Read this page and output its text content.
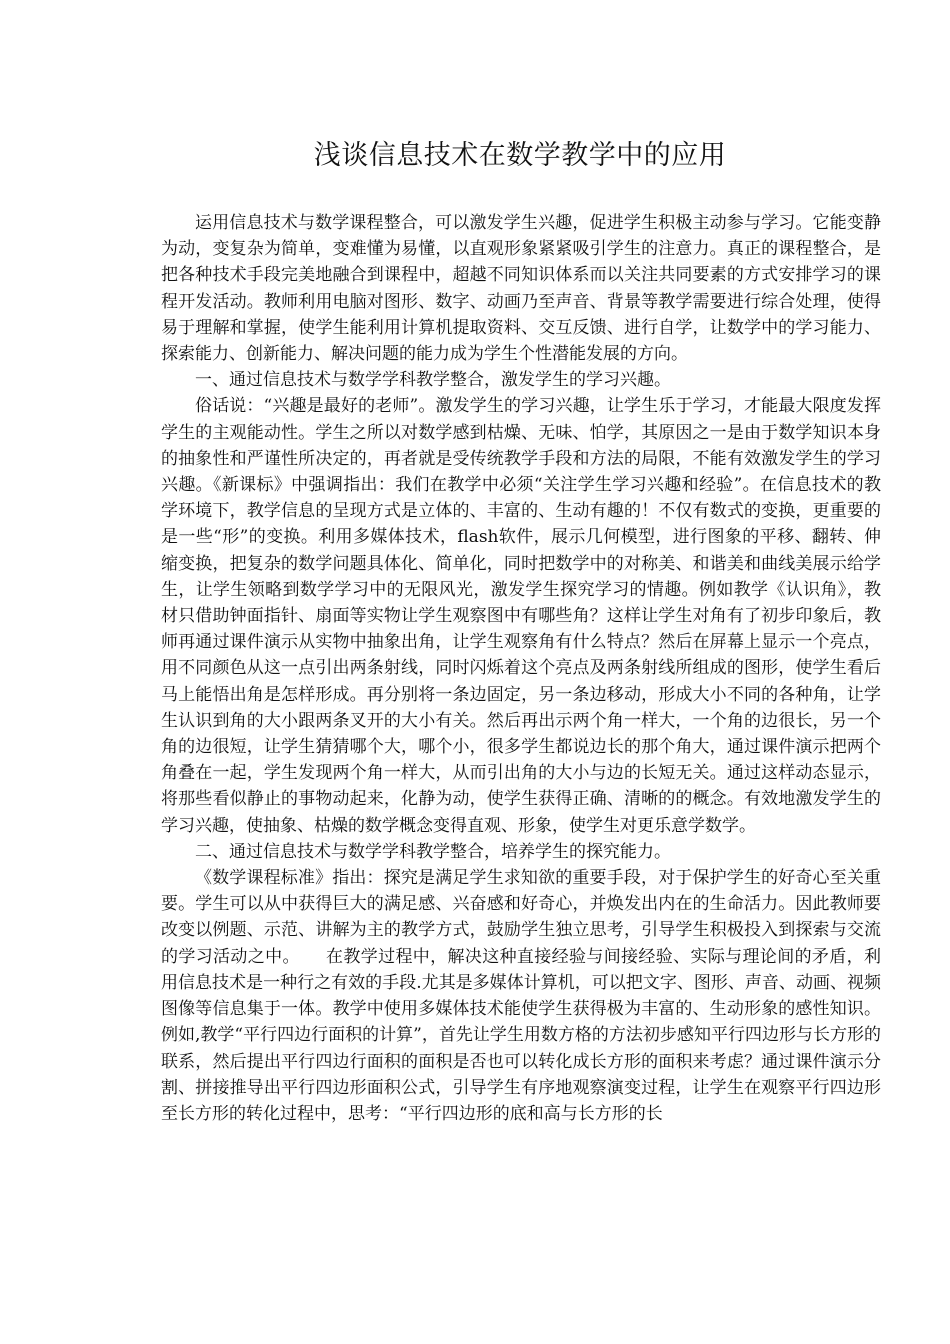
浅谈信息技术在数学教学中的应用

运用信息技术与数学课程整合，可以激发学生兴趣，促进学生积极主动参与学习。它能变静为动，变复杂为简单，变难懂为易懂，以直观形象紧紧吸引学生的注意力。真正的课程整合，是把各种技术手段完美地融合到课程中，超越不同知识体系而以关注共同要素的方式安排学习的课程开发活动。教师利用电脑对图形、数字、动画乃至声音、背景等教学需要进行综合处理，使得易于理解和掌握，使学生能利用计算机提取资料、交互反馈、进行自学，让数学中的学习能力、探索能力、创新能力、解决问题的能力成为学生个性潜能发展的方向。

一、通过信息技术与数学学科教学整合，激发学生的学习兴趣。

俗话说：“兴趣是最好的老师”。激发学生的学习兴趣，让学生乐于学习，才能最大限度发挥学生的主观能动性。学生之所以对数学感到枯燥、无味、怕学，其原因之一是由于数学知识本身的抽象性和严谨性所决定的，再者就是受传统教学手段和方法的局限，不能有效激发学生的学习兴趣。《新课标》中强调指出：我们在教学中必须“关注学生学习兴趣和经验”。在信息技术的教学环境下，教学信息的呈现方式是立体的、丰富的、生动有趣的！不仅有数式的变换，更重要的是一些“形”的变换。利用多媒体技术，flash软件，展示几何模型，进行图象的平移、翻转、伸缩变换，把复杂的数学问题具体化、简单化，同时把数学中的对称美、和谐美和曲线美展示给学生，让学生领略到数学学习中的无限风光，激发学生探究学习的情趣。例如教学《认识角》，教材只借助钟面指针、扇面等实物让学生观察图中有哪些角？这样让学生对角有了初步印象后，教师再通过课件演示从实物中抽象出角，让学生观察角有什么特点？然后在屏幕上显示一个亮点，用不同颜色从这一点引出两条射线，同时闪烁着这个亮点及两条射线所组成的图形，使学生看后马上能悟出角是怎样形成。再分别将一条边固定，另一条边移动，形成大小不同的各种角，让学生认识到角的大小跟两条叉开的大小有关。然后再出示两个角一样大，一个角的边很长，另一个角的边很短，让学生猜猜哪个大，哪个小，很多学生都说边长的那个角大，通过课件演示把两个角叠在一起，学生发现两个角一样大，从而引出角的大小与边的长短无关。通过这样动态显示，将那些看似静止的事物动起来，化静为动，使学生获得正确、清晰的的概念。有效地激发学生的学习兴趣，使抽象、枯燥的数学概念变得直观、形象，使学生对更乐意学数学。

二、通过信息技术与数学学科教学整合，培养学生的探究能力。

《数学课程标准》指出：探究是满足学生求知欲的重要手段，对于保护学生的好奇心至关重要。学生可以从中获得巨大的满足感、兴奋感和好奇心，并焕发出内在的生命活力。因此教师要改变以例题、示范、讲解为主的教学方式，鼓励学生独立思考，引导学生积极投入到探索与交流的学习活动之中。　　在教学过程中，解决这种直接经验与间接经验、实际与理论间的矛盾，利用信息技术是一种行之有效的手段.尤其是多媒体计算机，可以把文字、图形、声音、动画、视频图像等信息集于一体。教学中使用多媒体技术能使学生获得极为丰富的、生动形象的感性知识。例如,教学“平行四边行面积的计算”，首先让学生用数方格的方法初步感知平行四边形与长方形的联系，然后提出平行四边行面积的面积是否也可以转化成长方形的面积来考虑？通过课件演示分割、拼接推导出平行四边形面积公式，引导学生有序地观察演变过程，让学生在观察平行四边形至长方形的转化过程中，思考：“平行四边形的底和高与长方形的长
